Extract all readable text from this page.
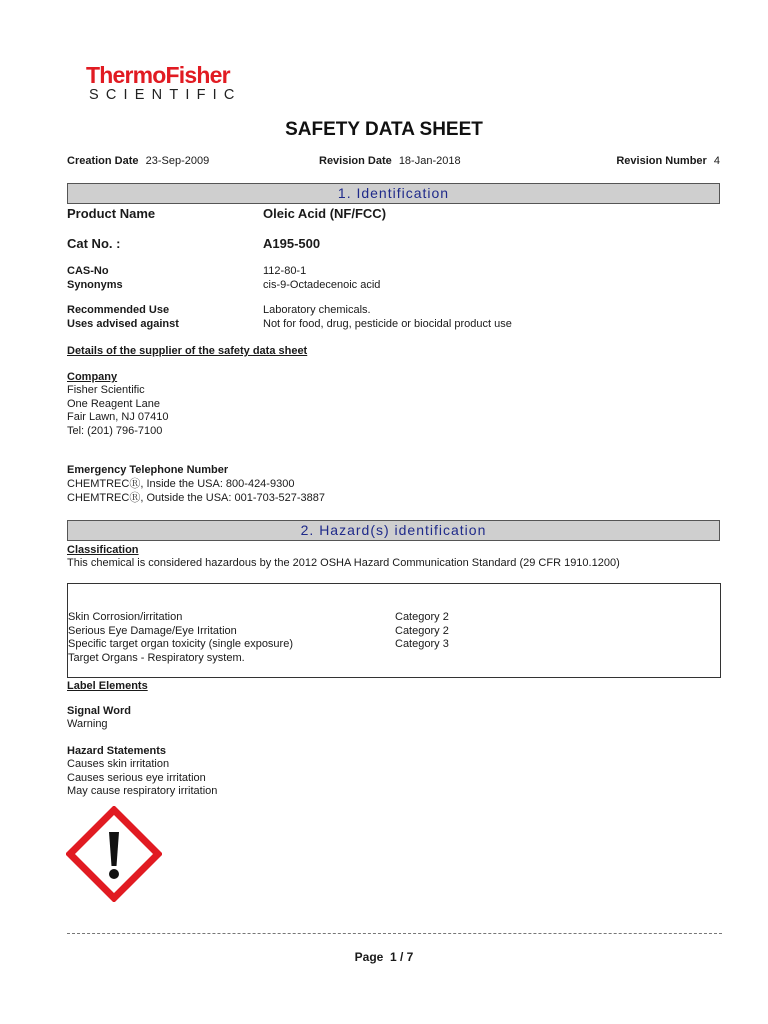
ThermoFisher
SCIENTIFIC
SAFETY DATA SHEET
Creation Date 23-Sep-2009	Revision Date 18-Jan-2018	Revision Number 4
1. Identification
Product Name	Oleic Acid (NF/FCC)
Cat No. :	A195-500
CAS-No	112-80-1
Synonyms	cis-9-Octadecenoic acid
Recommended Use	Laboratory chemicals.
Uses advised against	Not for food, drug, pesticide or biocidal product use
Details of the supplier of the safety data sheet
Company
Fisher Scientific
One Reagent Lane
Fair Lawn, NJ 07410
Tel: (201) 796-7100
Emergency Telephone Number
CHEMTRECⓇ, Inside the USA: 800-424-9300
CHEMTRECⓇ, Outside the USA: 001-703-527-3887
2. Hazard(s) identification
Classification
This chemical is considered hazardous by the 2012 OSHA Hazard Communication Standard (29 CFR 1910.1200)
Skin Corrosion/irritation	Category 2
Serious Eye Damage/Eye Irritation	Category 2
Specific target organ toxicity (single exposure)	Category 3
Target Organs - Respiratory system.
Label Elements
Signal Word
Warning
Hazard Statements
Causes skin irritation
Causes serious eye irritation
May cause respiratory irritation
Page 1 / 7
